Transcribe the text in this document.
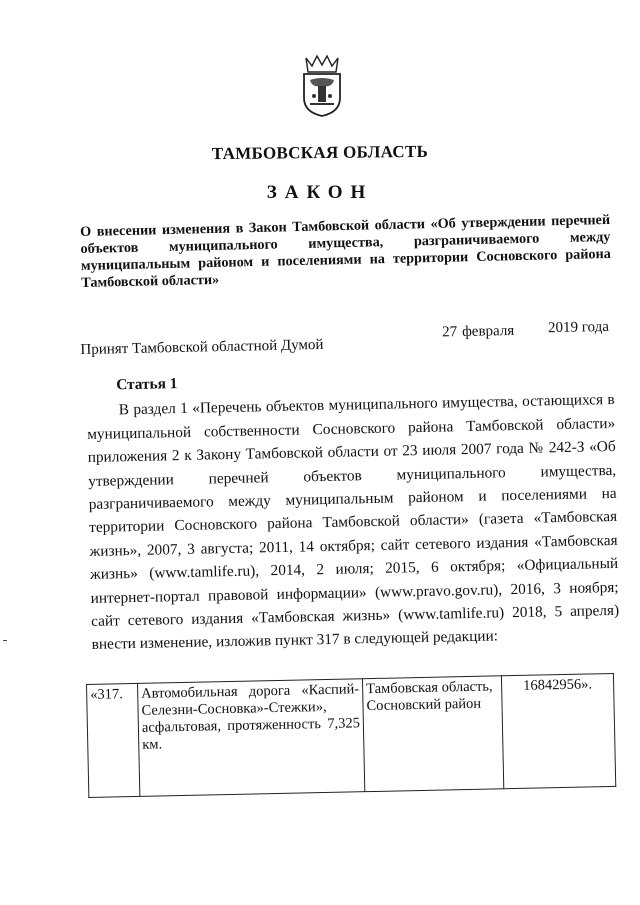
ТАМБОВСКАЯ ОБЛАСТЬ
ЗАКОН
О внесении изменения в Закон Тамбовской области «Об утверждении перечней объектов муниципального имущества, разграничиваемого между муниципальным районом и поселениями на территории Сосновского района Тамбовской области»
Принят Тамбовской областной Думой
27 февраля 2019 года
Статья 1

В раздел 1 «Перечень объектов муниципального имущества, остающихся в муниципальной собственности Сосновского района Тамбовской области» приложения 2 к Закону Тамбовской области от 23 июля 2007 года № 242-З «Об утверждении перечней объектов муниципального имущества, разграничиваемого между муниципальным районом и поселениями на территории Сосновского района Тамбовской области» (газета «Тамбовская жизнь», 2007, 3 августа; 2011, 14 октября; сайт сетевого издания «Тамбовская жизнь» (www.tamlife.ru), 2014, 2 июля; 2015, 6 октября; «Официальный интернет-портал правовой информации» (www.pravo.gov.ru), 2016, 3 ноября; сайт сетевого издания «Тамбовская жизнь» (www.tamlife.ru) 2018, 5 апреля) внести изменение, изложив пункт 317 в следующей редакции:

«317.	Автомобильная дорога «Каспий-Селезни-Сосновка»-Стежки», асфальтовая, протяженность 7,325 км.	Тамбовская область, Сосновский район	16842956».
